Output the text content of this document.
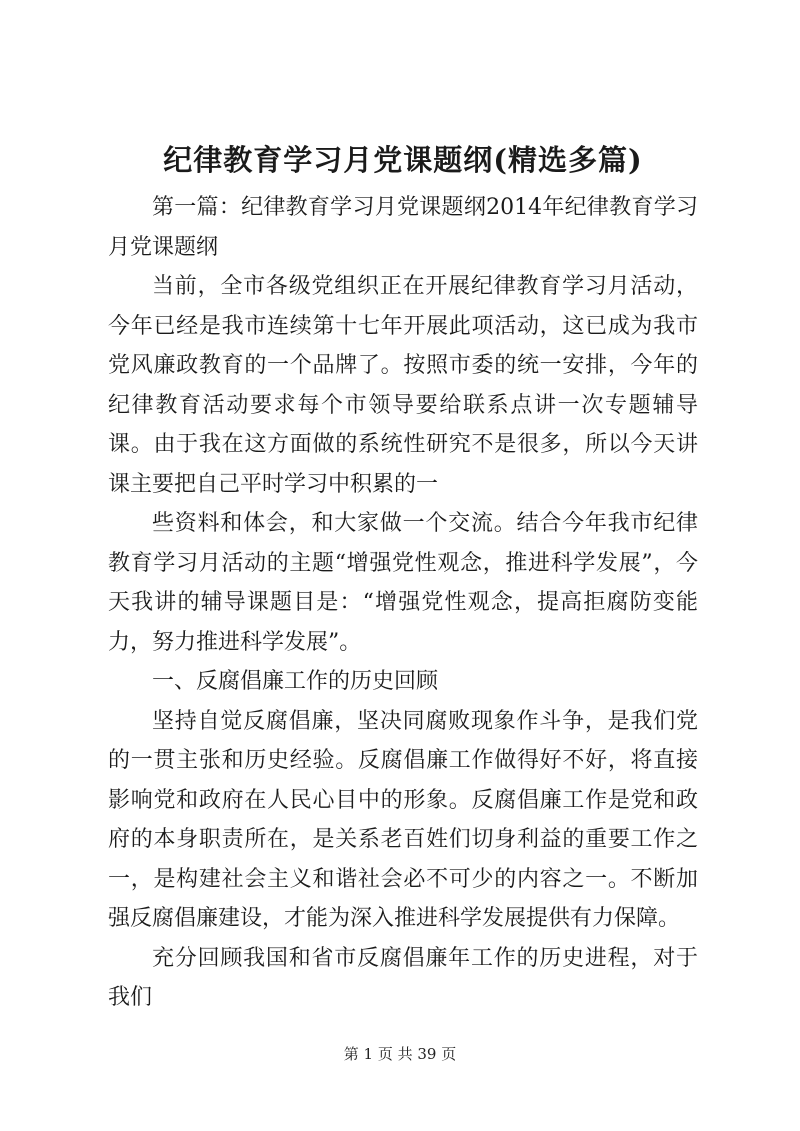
纪律教育学习月党课题纲(精选多篇)

第一篇：纪律教育学习月党课题纲2014年纪律教育学习月党课题纲

当前，全市各级党组织正在开展纪律教育学习月活动，今年已经是我市连续第十七年开展此项活动，这已成为我市党风廉政教育的一个品牌了。按照市委的统一安排，今年的纪律教育活动要求每个市领导要给联系点讲一次专题辅导课。由于我在这方面做的系统性研究不是很多，所以今天讲课主要把自己平时学习中积累的一

些资料和体会，和大家做一个交流。结合今年我市纪律教育学习月活动的主题“增强党性观念，推进科学发展”，今天我讲的辅导课题目是：“增强党性观念，提高拒腐防变能力，努力推进科学发展”。

一、反腐倡廉工作的历史回顾

坚持自觉反腐倡廉，坚决同腐败现象作斗争，是我们党的一贯主张和历史经验。反腐倡廉工作做得好不好，将直接影响党和政府在人民心目中的形象。反腐倡廉工作是党和政府的本身职责所在，是关系老百姓们切身利益的重要工作之一，是构建社会主义和谐社会必不可少的内容之一。不断加强反腐倡廉建设，才能为深入推进科学发展提供有力保障。

充分回顾我国和省市反腐倡廉年工作的历史进程，对于我们

第 1 页 共 39 页
